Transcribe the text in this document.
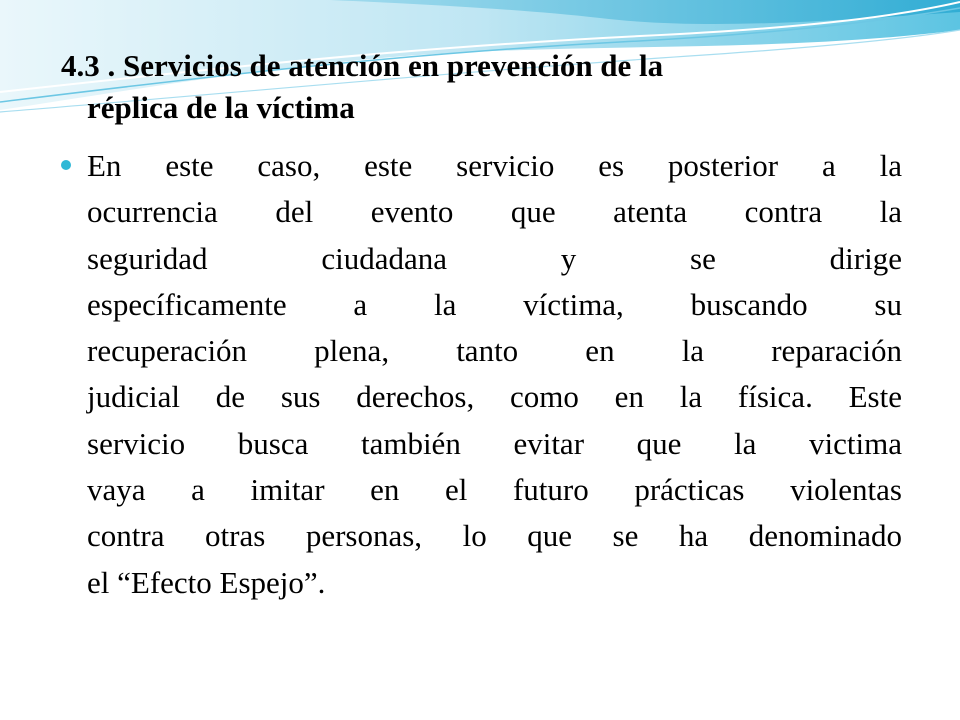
4.3 . Servicios de atención en prevención de la
réplica de la víctima
En este caso, este servicio es posterior a la
ocurrencia del evento que atenta contra la
seguridad ciudadana y se dirige
específicamente a la víctima, buscando su
recuperación plena, tanto en la reparación
judicial de sus derechos, como en la física. Este
servicio busca también evitar que la victima
vaya a imitar en el futuro prácticas violentas
contra otras personas, lo que se ha denominado
el “Efecto Espejo”.
